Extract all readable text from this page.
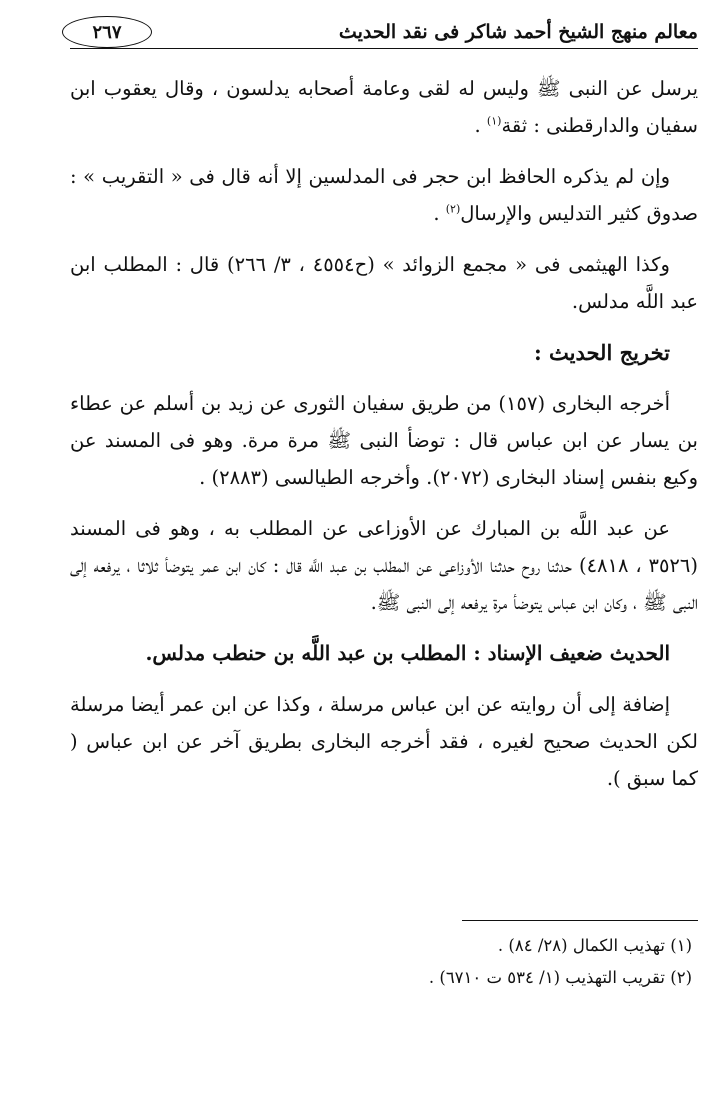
معالم منهج الشيخ أحمد شاكر فى نقد الحديث
٢٦٧

يرسل عن النبى ﷺ وليس له لقى وعامة أصحابه يدلسون ، وقال يعقوب ابن سفيان والدارقطنى : ثقة$^{(١)}$ .

وإن لم يذكره الحافظ ابن حجر فى المدلسين إلا أنه قال فى « التقريب » : صدوق كثير التدليس والإرسال$^{(٢)}$ .

وكذا الهيثمى فى « مجمع الزوائد » (ح٤٥٥٤ ، ٣/ ٢٦٦) قال : المطلب ابن عبد اللَّه مدلس.

تخريج الحديث :

أخرجه البخارى (١٥٧) من طريق سفيان الثورى عن زيد بن أسلم عن عطاء بن يسار عن ابن عباس قال : توضأ النبى ﷺ مرة مرة. وهو فى المسند عن وكيع بنفس إسناد البخارى (٢٠٧٢). وأخرجه الطيالسى (٢٨٨٣) .

عن عبد اللَّه بن المبارك عن الأوزاعى عن المطلب به ، وهو فى المسند (٣٥٢٦ ، ٤٨١٨) حدثنا روح حدثنا الأوزاعى عن المطلب بن عبد اللَّه قال : كان ابن عمر يتوضأ ثلاثا ، يرفعه إلى النبى ﷺ ، وكان ابن عباس يتوضأ مرة يرفعه إلى النبى ﷺ.

الحديث ضعيف الإسناد : المطلب بن عبد اللَّه بن حنطب مدلس.

إضافة إلى أن روايته عن ابن عباس مرسلة ، وكذا عن ابن عمر أيضا مرسلة لكن الحديث صحيح لغيره ، فقد أخرجه البخارى بطريق آخر عن ابن عباس ( كما سبق ).

(١) تهذيب الكمال (٢٨/ ٨٤) .

(٢) تقريب التهذيب (١/ ٥٣٤ ت ٦٧١٠) .
